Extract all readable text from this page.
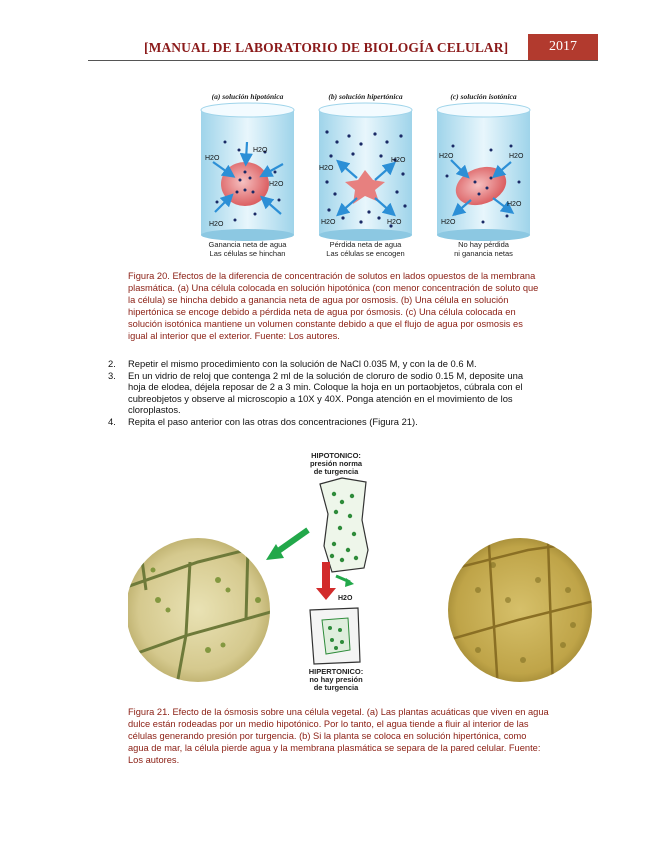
[MANUAL DE LABORATORIO DE BIOLOGÍA CELULAR]	2017
(a) solución hipotónica
H2O
H2O
H2O
H2O
Ganancia neta de agua
Las células se hinchan
(b) solución hipertónica
H2O
H2O
H2O	H2O
Pérdida neta de agua
Las células se encogen
(c) solución isotónica
H2O	H2O
H2O
H2O
No hay pérdida
ni ganancia netas
Figura 20. Efectos de la diferencia de concentración de solutos en lados opuestos de la membrana
plasmática. (a) Una célula colocada en solución hipotónica (con menor concentración de soluto que
la célula) se hincha debido a ganancia neta de agua por osmosis. (b) Una célula en solución
hipertónica se encoge debido a pérdida neta de agua por ósmosis. (c) Una célula colocada en
solución isotónica mantiene un volumen constante debido a que el flujo de agua por osmosis es
igual al interior que el exterior. Fuente: Los autores.
2. Repetir el mismo procedimiento con la solución de NaCl 0.035 M, y con la de 0.6 M.
3. En un vidrio de reloj que contenga 2 ml de la solución de cloruro de sodio 0.15 M, deposite una
hoja de elodea, déjela reposar de 2 a 3 min. Coloque la hoja en un portaobjetos, cúbrala con el
cubreobjetos y observe al microscopio a 10X y 40X. Ponga atención en el movimiento de los
cloroplastos.
4. Repita el paso anterior con las otras dos concentraciones (Figura 21).
H2O
HIPOTONICO:
presión norma
de turgencia
HIPERTONICO:
no hay presión
de turgencia
Figura 21. Efecto de la ósmosis sobre una célula vegetal. (a) Las plantas acuáticas que viven en agua
dulce están rodeadas por un medio hipotónico. Por lo tanto, el agua tiende a fluir al interior de las
células generando presión por turgencia. (b) Si la planta se coloca en solución hipertónica, como
agua de mar, la célula pierde agua y la membrana plasmática se separa de la pared celular. Fuente:
Los autores.
